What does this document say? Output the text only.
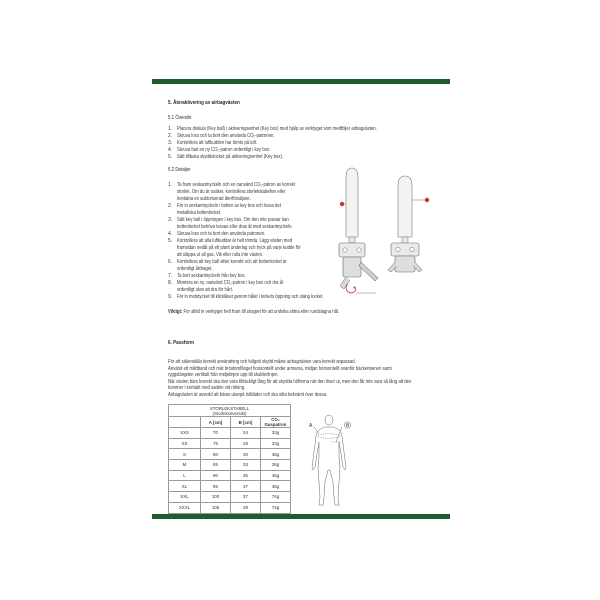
5. Återaktivering av airbagvästen
5.1 Översikt
1. Placera diskula (Key ball) i aktiveringsenhet (Key box) med hjälp av verktyget som medföljer airbagvästen.
2. Skruva loss och ta bort den använda CO₂-patronen.
3. Kontrollera att luftkudden har tömts på luft.
4. Skruva fast en ny CO₂-patron ordentligt i key box.
5. Sätt tillbaka skyddslocket på aktiveringsenhet (Key box).
5.2 Detaljer
1. Ta fram sexkantnyckeln och en oanvänd CO₂-patron av korrekt
storlek. Om du är osäker, kontrollera storlekstabellen eller
kontakta en auktoriserad återförsäljare.
2. För in sexkantnyckeln i botten av key box och lossa det
metalliska bottenlocket.
3. Sätt key ball i öppningen i key box. Om den inte passar kan
bottenlocket behöva lossas eller dras åt med sexkantnyckeln.
4. Skruva loss och ta bort den använda patronen.
5. Kontrollera att alla luftkuddar är helt tömda. Lägg västen med
framsidan nedåt på ett plant underlag och tryck på varje kudde för
att släppa ut all gas. Vik eller rulla inte västen.
6. Kontrollera att key ball sitter korrekt och att bottenlocket är
ordentligt åtdraget.
7. Ta bort sexkantnyckeln från key box.
8. Montera en ny, oanvänd CO₂-patron i key box och dra åt
ordentligt utan att dra för hårt.
9. För in motstycket till klicklåset genom hålet i lockets öppning och stäng locket.
Viktigt: För alltid in verktyget helt fram till stoppet för att undvika slitna eller rundslagna hål.
6. Passform
För att säkerställa korrekt användning och fullgott skydd måste airbagvästen vara korrekt anpassad.
Använd ett måttband och mät bröstomfånget horisontellt under armarna, midjan horisontellt ovanför bäckenbenen samt
ryggslängden vertikalt från midjelinjen upp till skulderlinjen.
När västen bärs korrekt ska den vara tillräckligt lång för att skydda höfterna när den löser ut, men den får inte vara så lång att den
kommer i kontakt med sadeln vid ridning.
Airbagvästen är avsedd att bäras utanpå ridkläder och ska sitta bekvämt över dessa.
STORLEKSTABELL
(Storleksöversikt)			

	A [cm]	B [cm]	CO₂ Gaspatron
XXS	70	24	33g
XS	75	28	33g
S	80	30	38g
M	85	33	38g
L	90	35	45g
XL	95	37	45g
XXL	100	37	74g
XXXL	105	39	74g
A	B
